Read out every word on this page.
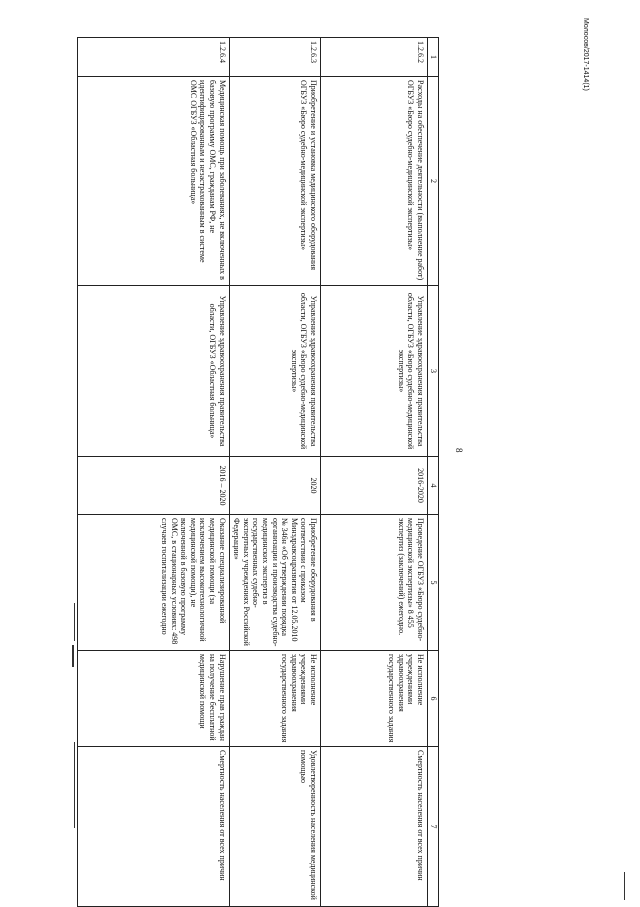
8
1	2	3	4	5	6	7
1.2.6.2	Расходы на обеспечение деятельности (выполнение работ) ОГБУЗ «Бюро судебно-медицинской экспертизы»	Управление здравоохранения правительства области, ОГБУЗ «Бюро судебно-медицинской экспертизы»	2016-2020	Проведение ОГБУЗ «Бюро судебно-медицинской экспертизы» 8 455 экспертиз (заключений) ежегодно.	Не исполнение учреждениями здравоохранения государственного задания	Смертность населения от всех причин
1.2.6.3	Приобретение и установка медицинского оборудования ОГБУЗ «Бюро судебно-медицинской экспертизы»	Управление здравоохранения правительства области, ОГБУЗ «Бюро судебно-медицинской экспертизы»	2020	Приобретение оборудования в соответствии с приказом Минздравсоцразвития от 12.05.2010 № 346н «Об утверждении порядка организации и производства судебно-медицинских экспертиз в государственных судебно-экспертных учреждениях Российской Федерации»	Не исполнение учреждениями здравоохранения государственного задания	Удовлетворенность населения медицинской помощью
1.2.6.4	Медицинская помощь при заболеваниях, не включенных в базовую программу ОМС, гражданам РФ, не идентифицированным и незастрахованным в системе ОМС ОГБУЗ «Областная больница»	Управление здравоохранения правительства области, ОГБУЗ «Областная больница»	2016 – 2020	Оказание специализированной медицинской помощи (за исключением высокотехнологичной медицинской помощи), не включенной в базовую программу ОМС, в стационарных условиях: 498 случаев госпитализации ежегодно	Нарушение прав граждан на получение бесплатной медицинской помощи	Смертность населения от всех причин
Молосов/2017-1414(1)
